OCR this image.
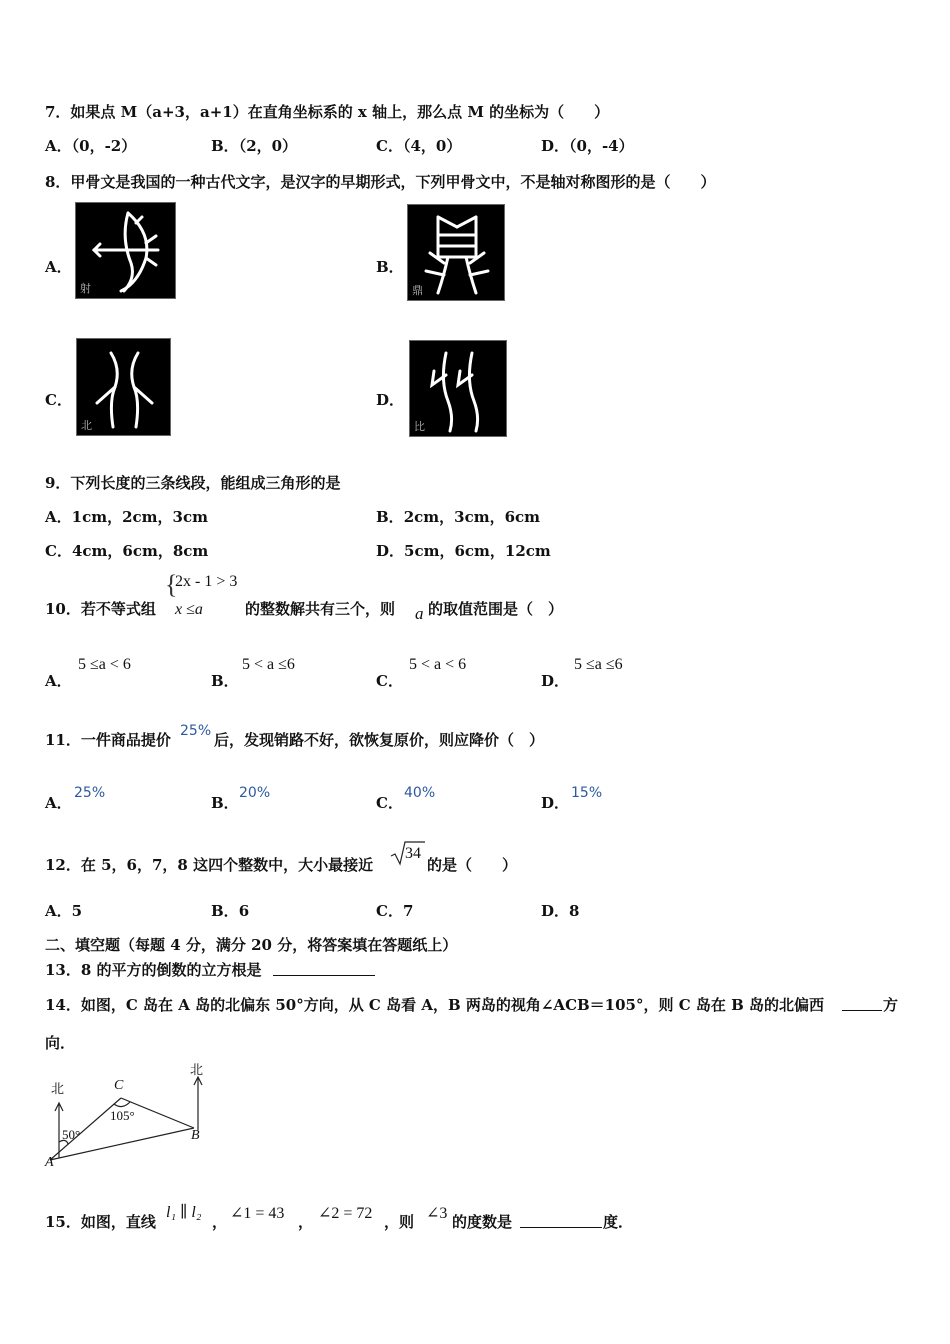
7．如果点 M（a+3，a+1）在直角坐标系的 x 轴上，那么点 M 的坐标为（　　）
A．（0，-2）	B．（2，0）	C．（4，0）	D．（0，-4）
8．甲骨文是我国的一种古代文字，是汉字的早期形式，下列甲骨文中，不是轴对称图形的是（　　）
A．
射
B．
鼎
C．
北
D．
比
9．下列长度的三条线段，能组成三角形的是
A．1cm，2cm，3cm	B．2cm，3cm，6cm
C．4cm，6cm，8cm	D．5cm，6cm，12cm
10．若不等式组
{
2x - 1 > 3
x ≤a	的整数解共有三个，则 a 的取值范围是（　）
A．
5 ≤a < 6
B．
5 < a ≤6
C．
5 < a < 6
D．
5 ≤a ≤6
11．一件商品提价 25% 后，发现销路不好，欲恢复原价，则应降价（　）
A．
25%
B．
20%
C．
40%
D．
15%
12．在 5，6，7，8 这四个整数中，大小最接近
34
的是（　　）
A．5	B．6	C．7	D．8
二、填空题（每题 4 分，满分 20 分，将答案填在答题纸上）
13．8 的平方的倒数的立方根是
14．如图，C 岛在 A 岛的北偏东 50°方向，从 C 岛看 A，B 两岛的视角∠ACB＝105°，则 C 岛在 B 岛的北偏西	方
向．
北
北
C
A
B
50°
105°
15．如图，直线
l₁ ∥ l₂
， ∠1 = 43 ， ∠2 = 72 ，则 ∠3 的度数是	度．
